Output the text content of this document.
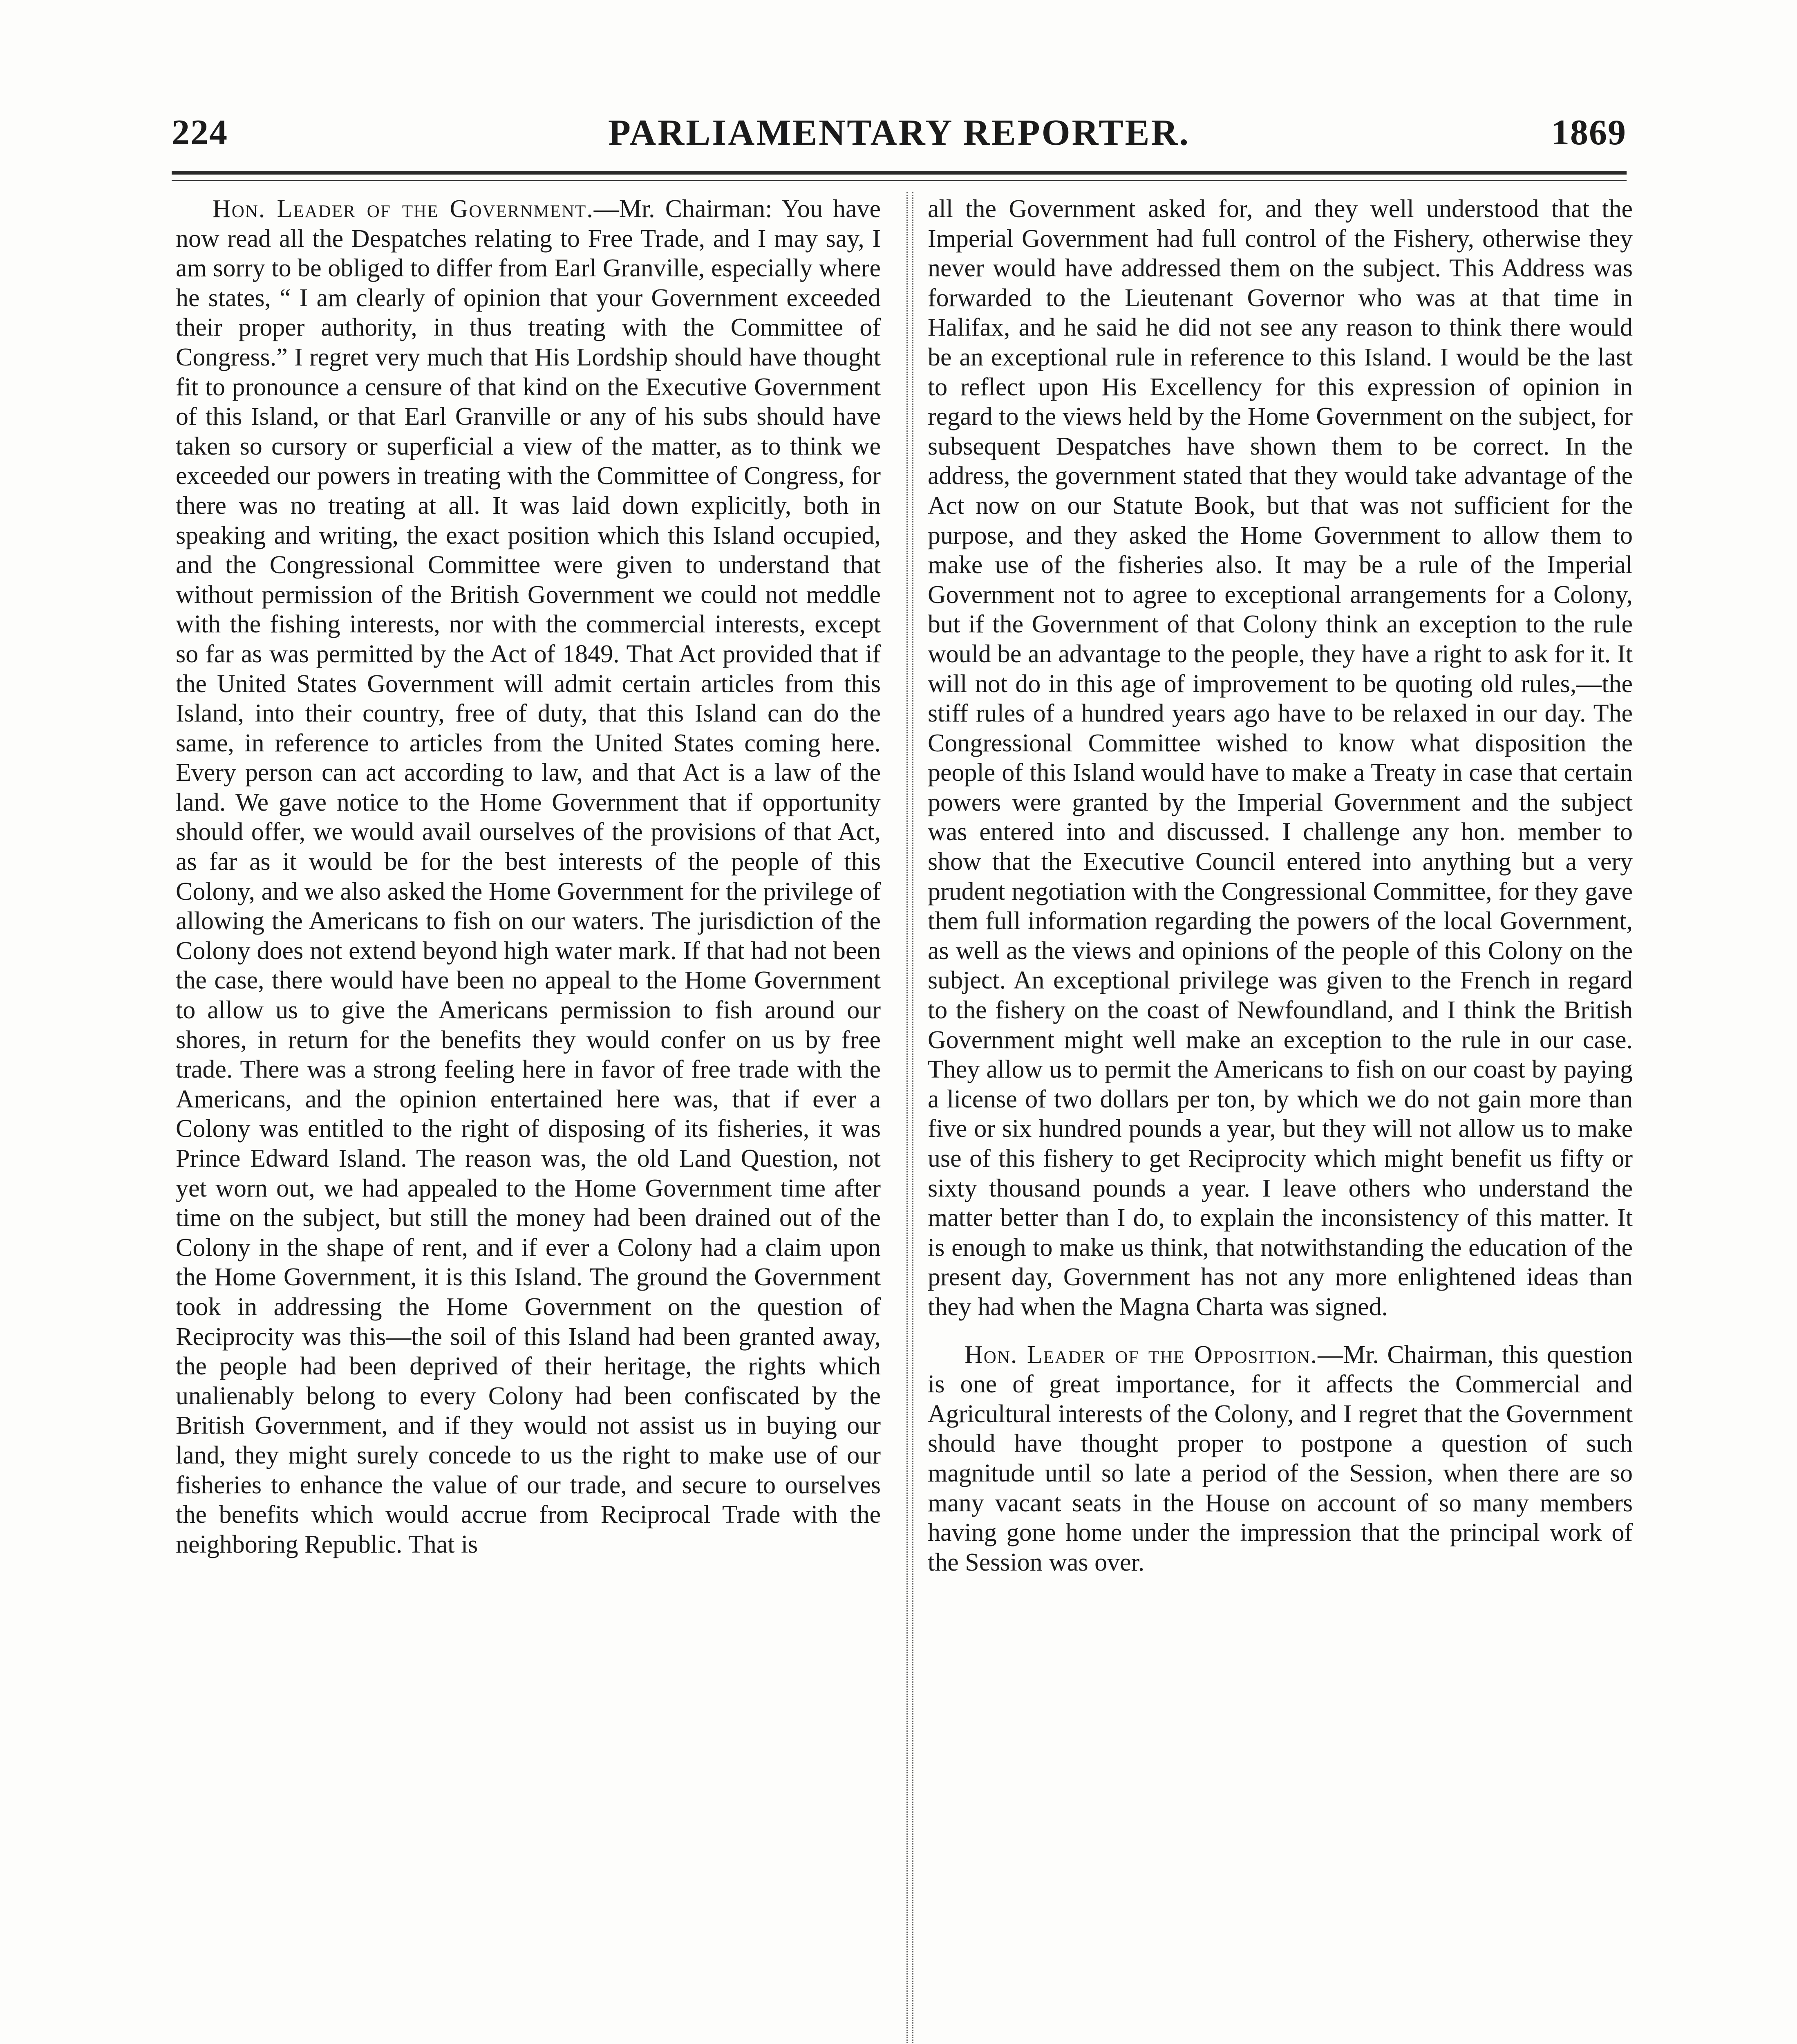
224	PARLIAMENTARY REPORTER.	1869

Hon. Leader of the Government.—Mr. Chairman: You have now read all the Despatches relating to Free Trade, and I may say, I am sorry to be obliged to differ from Earl Granville, especially where he states, “ I am clearly of opinion that your Government exceeded their proper authority, in thus treating with the Committee of Congress.” I regret very much that His Lordship should have thought fit to pronounce a censure of that kind on the Executive Government of this Island, or that Earl Granville or any of his subs should have taken so cursory or superficial a view of the matter, as to think we exceeded our powers in treating with the Committee of Congress, for there was no treating at all. It was laid down explicitly, both in speaking and writing, the exact position which this Island occupied, and the Congressional Committee were given to understand that without permission of the British Government we could not meddle with the fishing interests, nor with the commercial interests, except so far as was permitted by the Act of 1849. That Act provided that if the United States Government will admit certain articles from this Island, into their country, free of duty, that this Island can do the same, in reference to articles from the United States coming here. Every person can act according to law, and that Act is a law of the land. We gave notice to the Home Government that if opportunity should offer, we would avail ourselves of the provisions of that Act, as far as it would be for the best interests of the people of this Colony, and we also asked the Home Government for the privilege of allowing the Americans to fish on our waters. The jurisdiction of the Colony does not extend beyond high water mark. If that had not been the case, there would have been no appeal to the Home Government to allow us to give the Americans permission to fish around our shores, in return for the benefits they would confer on us by free trade. There was a strong feeling here in favor of free trade with the Americans, and the opinion entertained here was, that if ever a Colony was entitled to the right of disposing of its fisheries, it was Prince Edward Island. The reason was, the old Land Question, not yet worn out, we had appealed to the Home Government time after time on the subject, but still the money had been drained out of the Colony in the shape of rent, and if ever a Colony had a claim upon the Home Government, it is this Island. The ground the Government took in addressing the Home Government on the question of Reciprocity was this—the soil of this Island had been granted away, the people had been deprived of their heritage, the rights which unalienably belong to every Colony had been confiscated by the British Government, and if they would not assist us in buying our land, they might surely concede to us the right to make use of our fisheries to enhance the value of our trade, and secure to ourselves the benefits which would accrue from Reciprocal Trade with the neighboring Republic. That is

all the Government asked for, and they well understood that the Imperial Government had full control of the Fishery, otherwise they never would have addressed them on the subject. This Address was forwarded to the Lieutenant Governor who was at that time in Halifax, and he said he did not see any reason to think there would be an exceptional rule in reference to this Island. I would be the last to reflect upon His Excellency for this expression of opinion in regard to the views held by the Home Government on the subject, for subsequent Despatches have shown them to be correct. In the address, the government stated that they would take advantage of the Act now on our Statute Book, but that was not sufficient for the purpose, and they asked the Home Government to allow them to make use of the fisheries also. It may be a rule of the Imperial Government not to agree to exceptional arrangements for a Colony, but if the Government of that Colony think an exception to the rule would be an advantage to the people, they have a right to ask for it. It will not do in this age of improvement to be quoting old rules,—the stiff rules of a hundred years ago have to be relaxed in our day. The Congressional Committee wished to know what disposition the people of this Island would have to make a Treaty in case that certain powers were granted by the Imperial Government and the subject was entered into and discussed. I challenge any hon. member to show that the Executive Council entered into anything but a very prudent negotiation with the Congressional Committee, for they gave them full information regarding the powers of the local Government, as well as the views and opinions of the people of this Colony on the subject. An exceptional privilege was given to the French in regard to the fishery on the coast of Newfoundland, and I think the British Government might well make an exception to the rule in our case. They allow us to permit the Americans to fish on our coast by paying a license of two dollars per ton, by which we do not gain more than five or six hundred pounds a year, but they will not allow us to make use of this fishery to get Reciprocity which might benefit us fifty or sixty thousand pounds a year. I leave others who understand the matter better than I do, to explain the inconsistency of this matter. It is enough to make us think, that notwithstanding the education of the present day, Government has not any more enlightened ideas than they had when the Magna Charta was signed.

Hon. Leader of the Opposition.—Mr. Chairman, this question is one of great importance, for it affects the Commercial and Agricultural interests of the Colony, and I regret that the Government should have thought proper to postpone a question of such magnitude until so late a period of the Session, when there are so many vacant seats in the House on account of so many members having gone home under the impression that the principal work of the Session was over.
